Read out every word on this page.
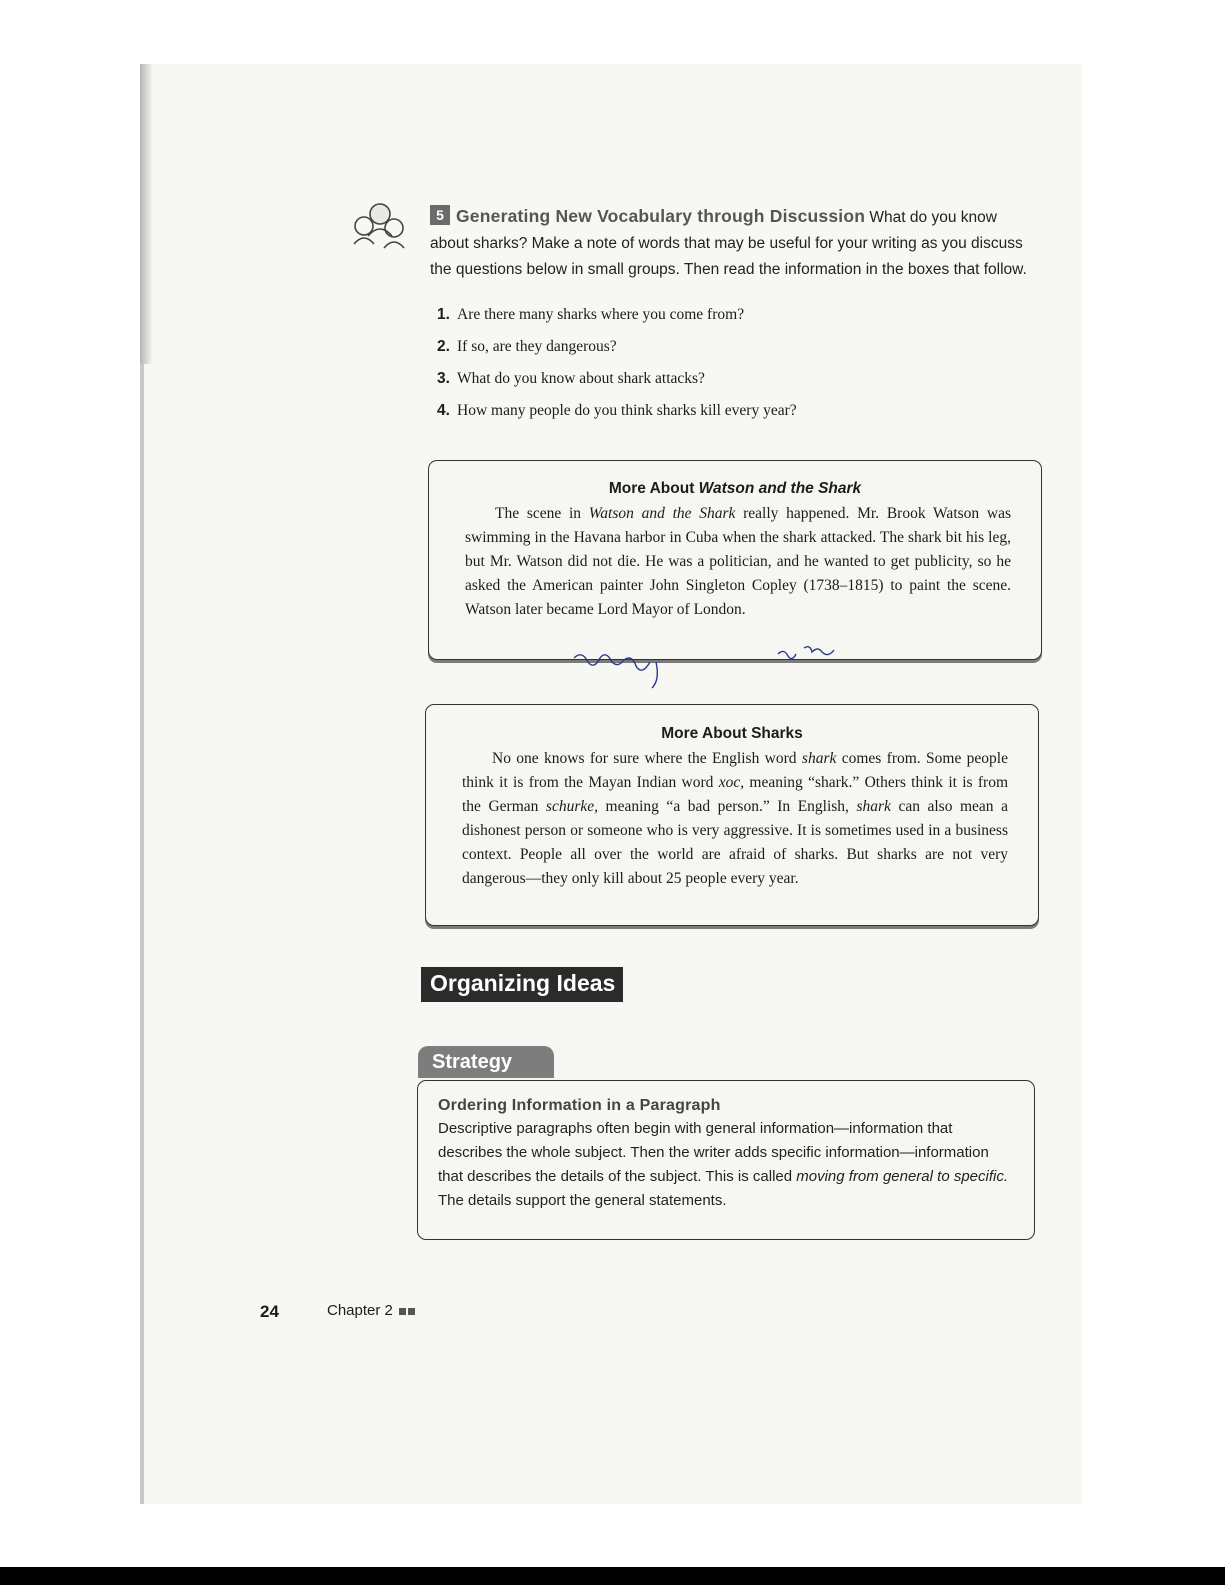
5 Generating New Vocabulary through Discussion What do you know about sharks? Make a note of words that may be useful for your writing as you discuss the questions below in small groups. Then read the information in the boxes that follow.
1. Are there many sharks where you come from?
2. If so, are they dangerous?
3. What do you know about shark attacks?
4. How many people do you think sharks kill every year?
More About Watson and the Shark
The scene in Watson and the Shark really happened. Mr. Brook Watson was swimming in the Havana harbor in Cuba when the shark attacked. The shark bit his leg, but Mr. Watson did not die. He was a politician, and he wanted to get publicity, so he asked the American painter John Singleton Copley (1738–1815) to paint the scene. Watson later became Lord Mayor of London.
More About Sharks
No one knows for sure where the English word shark comes from. Some people think it is from the Mayan Indian word xoc, meaning “shark.” Others think it is from the German schurke, meaning “a bad person.” In English, shark can also mean a dishonest person or someone who is very aggressive. It is sometimes used in a business context. People all over the world are afraid of sharks. But sharks are not very dangerous—they only kill about 25 people every year.
Organizing Ideas
Strategy
Ordering Information in a Paragraph
Descriptive paragraphs often begin with general information—information that describes the whole subject. Then the writer adds specific information—information that describes the details of the subject. This is called moving from general to specific. The details support the general statements.
24	Chapter 2
